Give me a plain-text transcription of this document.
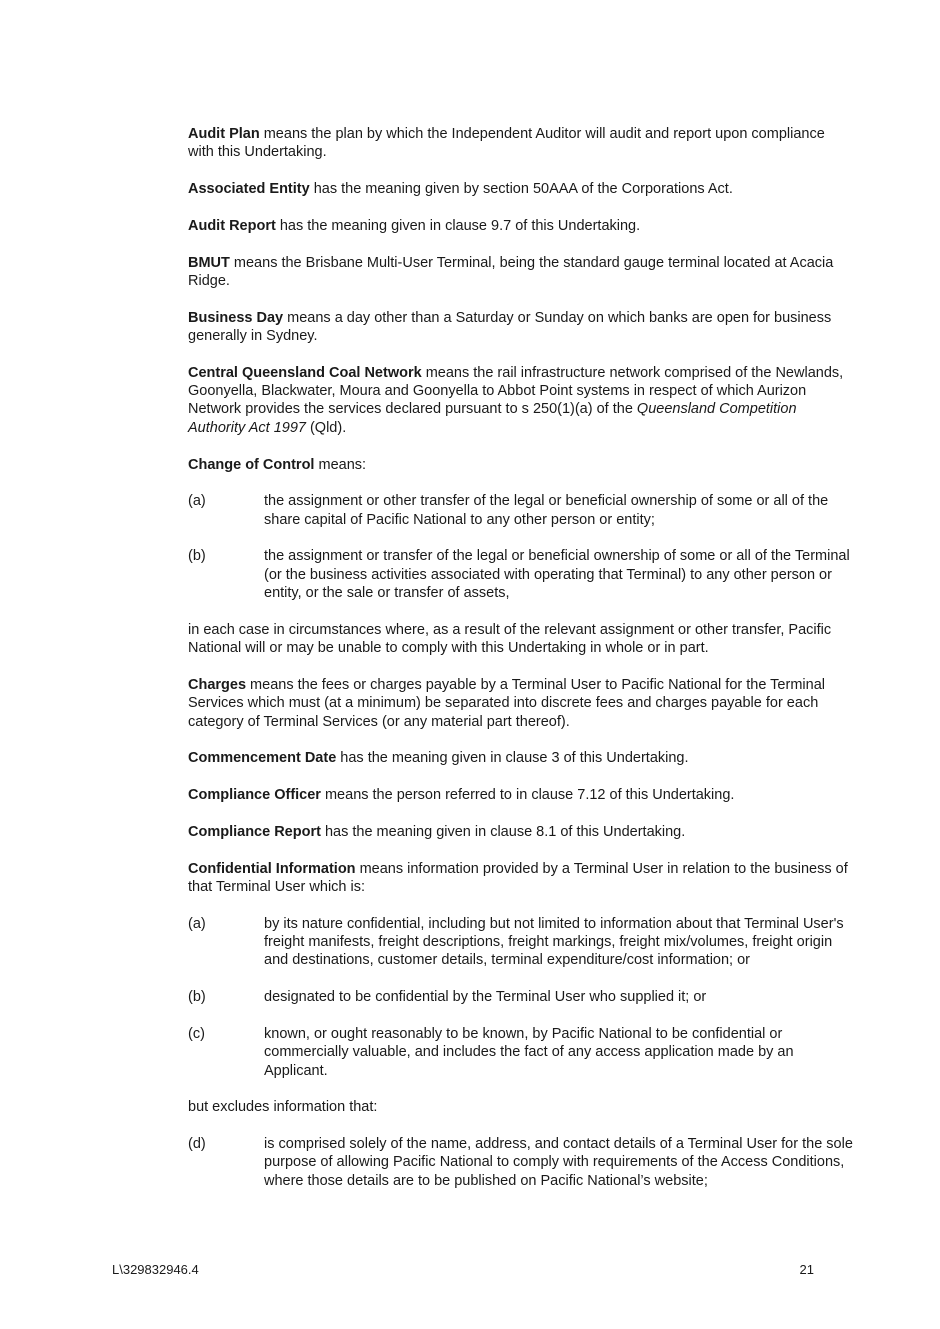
Audit Plan means the plan by which the Independent Auditor will audit and report upon compliance with this Undertaking.

Associated Entity has the meaning given by section 50AAA of the Corporations Act.

Audit Report has the meaning given in clause 9.7 of this Undertaking.

BMUT means the Brisbane Multi-User Terminal, being the standard gauge terminal located at Acacia Ridge.

Business Day means a day other than a Saturday or Sunday on which banks are open for business generally in Sydney.

Central Queensland Coal Network means the rail infrastructure network comprised of the Newlands, Goonyella, Blackwater, Moura and Goonyella to Abbot Point systems in respect of which Aurizon Network provides the services declared pursuant to s 250(1)(a) of the Queensland Competition Authority Act 1997 (Qld).

Change of Control means:

(a)	the assignment or other transfer of the legal or beneficial ownership of some or all of the share capital of Pacific National to any other person or entity;
(b)	the assignment or transfer of the legal or beneficial ownership of some or all of the Terminal (or the business activities associated with operating that Terminal) to any other person or entity, or the sale or transfer of assets,

in each case in circumstances where, as a result of the relevant assignment or other transfer, Pacific National will or may be unable to comply with this Undertaking in whole or in part.

Charges means the fees or charges payable by a Terminal User to Pacific National for the Terminal Services which must (at a minimum) be separated into discrete fees and charges payable for each category of Terminal Services (or any material part thereof).

Commencement Date has the meaning given in clause 3 of this Undertaking.

Compliance Officer means the person referred to in clause 7.12 of this Undertaking.

Compliance Report has the meaning given in clause 8.1 of this Undertaking.

Confidential Information means information provided by a Terminal User in relation to the business of that Terminal User which is:

(a)	by its nature confidential, including but not limited to information about that Terminal User's freight manifests, freight descriptions, freight markings, freight mix/volumes, freight origin and destinations, customer details, terminal expenditure/cost information; or
(b)	designated to be confidential by the Terminal User who supplied it; or
(c)	known, or ought reasonably to be known, by Pacific National to be confidential or commercially valuable, and includes the fact of any access application made by an Applicant.

but excludes information that:

(d)	is comprised solely of the name, address, and contact details of a Terminal User for the sole purpose of allowing Pacific National to comply with requirements of the Access Conditions, where those details are to be published on Pacific National’s website;
L\329832946.4	21
